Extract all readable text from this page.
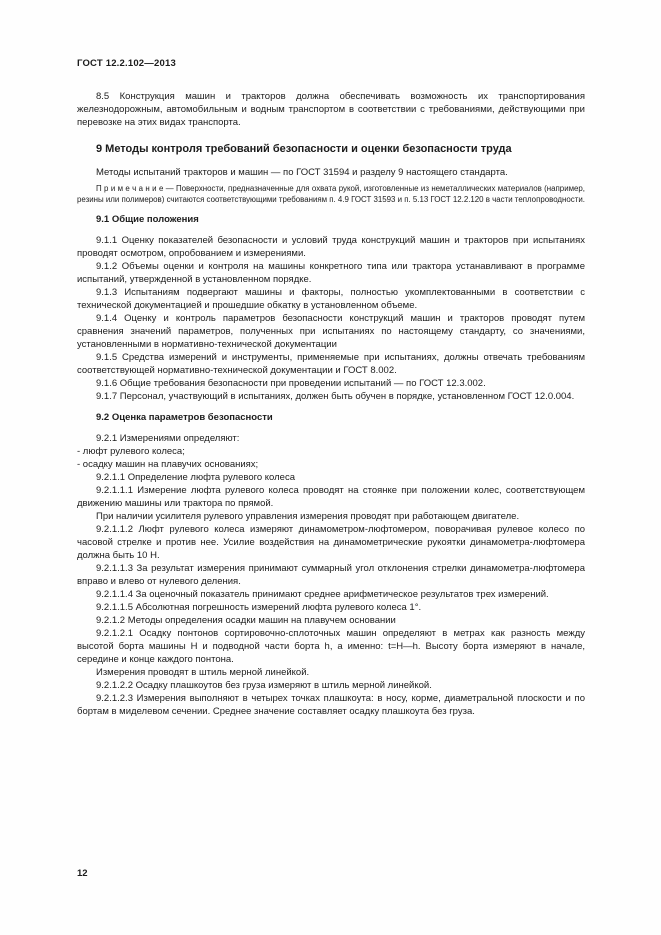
ГОСТ 12.2.102—2013

8.5 Конструкция машин и тракторов должна обеспечивать возможность их транспортирования железнодорожным, автомобильным и водным транспортом в соответствии с требованиями, действующими при перевозке на этих видах транспорта.

9 Методы контроля требований безопасности и оценки безопасности труда

Методы испытаний тракторов и машин — по ГОСТ 31594 и разделу 9 настоящего стандарта.

П р и м е ч а н и е — Поверхности, предназначенные для охвата рукой, изготовленные из неметаллических материалов (например, резины или полимеров) считаются соответствующими требованиям п. 4.9 ГОСТ 31593 и п. 5.13 ГОСТ 12.2.120 в части теплопроводности.

9.1 Общие положения

9.1.1 Оценку показателей безопасности и условий труда конструкций машин и тракторов при испытаниях проводят осмотром, опробованием и измерениями.

9.1.2 Объемы оценки и контроля на машины конкретного типа или трактора устанавливают в программе испытаний, утвержденной в установленном порядке.

9.1.3 Испытаниям подвергают машины и факторы, полностью укомплектованными в соответствии с технической документацией и прошедшие обкатку в установленном объеме.

9.1.4 Оценку и контроль параметров безопасности конструкций машин и тракторов проводят путем сравнения значений параметров, полученных при испытаниях по настоящему стандарту, со значениями, установленными в нормативно-технической документации

9.1.5 Средства измерений и инструменты, применяемые при испытаниях, должны отвечать требованиям соответствующей нормативно-технической документации и ГОСТ 8.002.

9.1.6 Общие требования безопасности при проведении испытаний — по ГОСТ 12.3.002.

9.1.7 Персонал, участвующий в испытаниях, должен быть обучен в порядке, установленном ГОСТ 12.0.004.

9.2 Оценка параметров безопасности

9.2.1 Измерениями определяют:

- люфт рулевого колеса;

- осадку машин на плавучих основаниях;

9.2.1.1 Определение люфта рулевого колеса

9.2.1.1.1 Измерение люфта рулевого колеса проводят на стоянке при положении колес, соответствующем движению машины или трактора по прямой.

При наличии усилителя рулевого управления измерения проводят при работающем двигателе.

9.2.1.1.2 Люфт рулевого колеса измеряют динамометром-люфтомером, поворачивая рулевое колесо по часовой стрелке и против нее. Усилие воздействия на динамометрические рукоятки динамометра-люфтомера должна быть 10 Н.

9.2.1.1.3 За результат измерения принимают суммарный угол отклонения стрелки динамометра-люфтомера вправо и влево от нулевого деления.

9.2.1.1.4 За оценочный показатель принимают среднее арифметическое результатов трех измерений.

9.2.1.1.5 Абсолютная погрешность измерений люфта рулевого колеса 1°.

9.2.1.2 Методы определения осадки машин на плавучем основании

9.2.1.2.1 Осадку понтонов сортировочно-сплоточных машин определяют в метрах как разность между высотой борта машины Н и подводной части борта h, а именно: t=Н—h. Высоту борта измеряют в начале, середине и конце каждого понтона.

Измерения проводят в штиль мерной линейкой.

9.2.1.2.2 Осадку плашкоутов без груза измеряют в штиль мерной линейкой.

9.2.1.2.3 Измерения выполняют в четырех точках плашкоута: в носу, корме, диаметральной плоскости и по бортам в миделевом сечении. Среднее значение составляет осадку плашкоута без груза.

12
